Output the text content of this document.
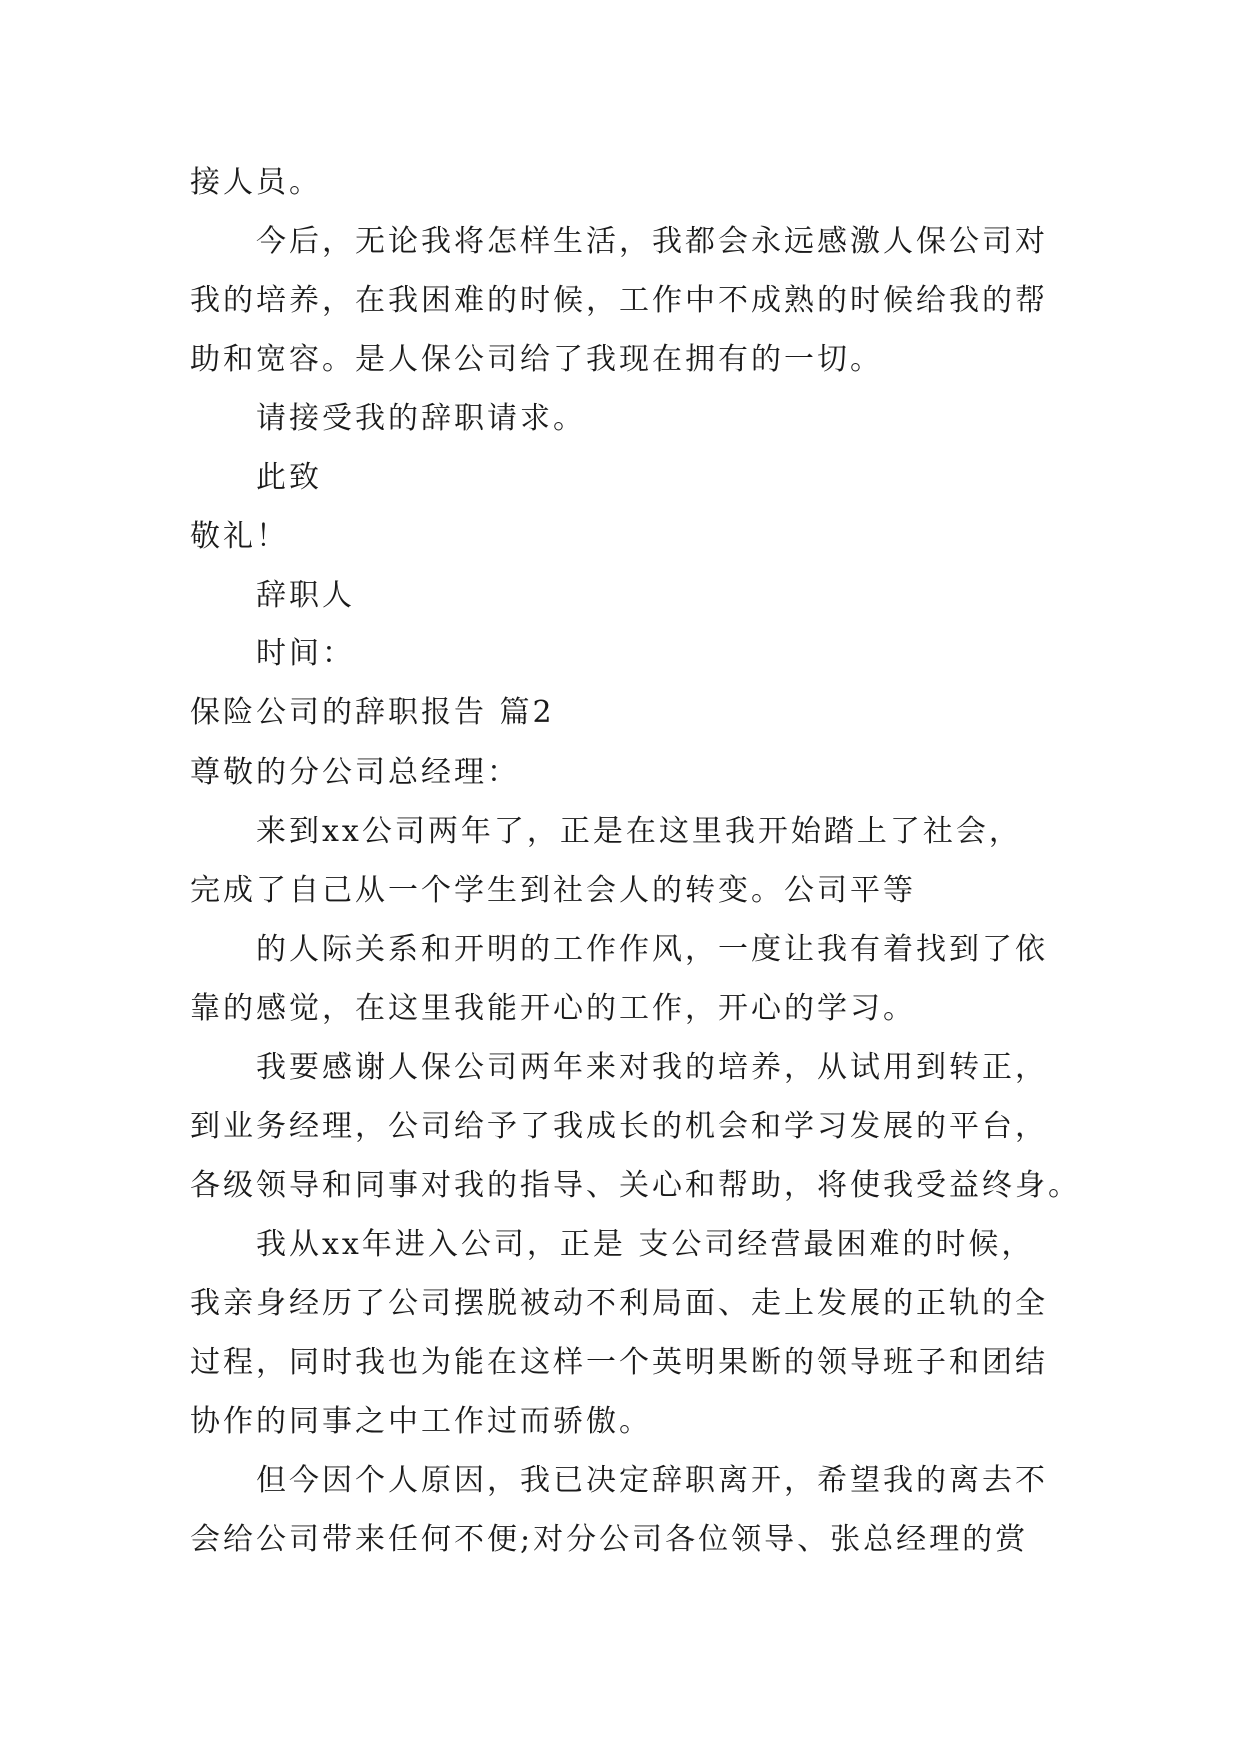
接人员。

今后，无论我将怎样生活，我都会永远感激人保公司对

我的培养，在我困难的时候，工作中不成熟的时候给我的帮

助和宽容。是人保公司给了我现在拥有的一切。

请接受我的辞职请求。

此致

敬礼！

辞职人

时间：

保险公司的辞职报告 篇2

尊敬的分公司总经理：

来到xx公司两年了，正是在这里我开始踏上了社会，

完成了自己从一个学生到社会人的转变。公司平等

的人际关系和开明的工作作风，一度让我有着找到了依

靠的感觉，在这里我能开心的工作，开心的学习。

我要感谢人保公司两年来对我的培养，从试用到转正，

到业务经理，公司给予了我成长的机会和学习发展的平台，

各级领导和同事对我的指导、关心和帮助，将使我受益终身。

我从xx年进入公司，正是 支公司经营最困难的时候，

我亲身经历了公司摆脱被动不利局面、走上发展的正轨的全

过程，同时我也为能在这样一个英明果断的领导班子和团结

协作的同事之中工作过而骄傲。

但今因个人原因，我已决定辞职离开，希望我的离去不

会给公司带来任何不便;对分公司各位领导、张总经理的赏
